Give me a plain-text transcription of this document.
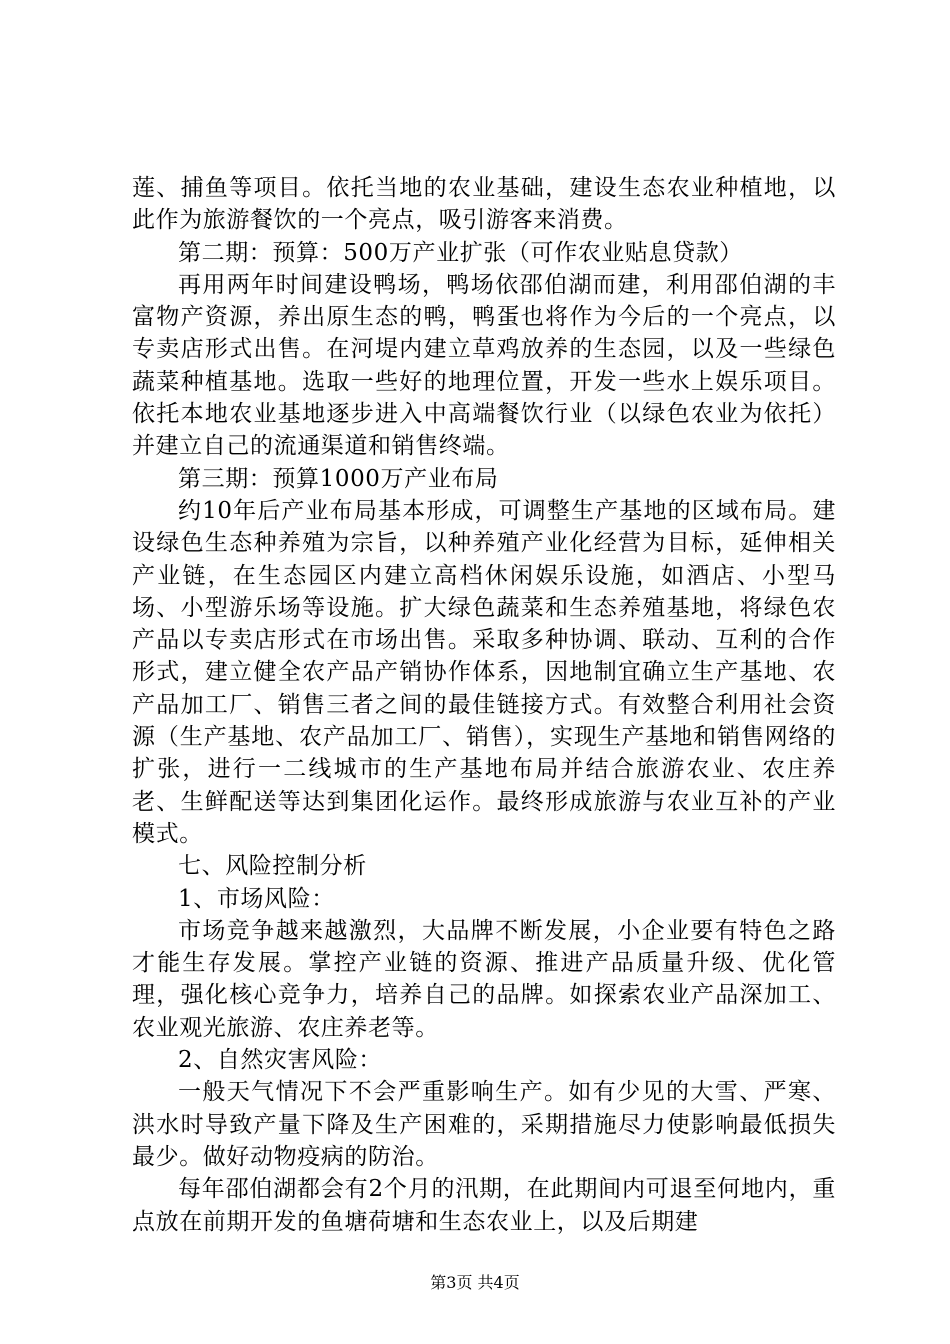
莲、捕鱼等项目。依托当地的农业基础，建设生态农业种植地，以此作为旅游餐饮的一个亮点，吸引游客来消费。

第二期：预算：500万产业扩张（可作农业贴息贷款）

再用两年时间建设鸭场，鸭场依邵伯湖而建，利用邵伯湖的丰富物产资源，养出原生态的鸭，鸭蛋也将作为今后的一个亮点，以专卖店形式出售。在河堤内建立草鸡放养的生态园，以及一些绿色蔬菜种植基地。选取一些好的地理位置，开发一些水上娱乐项目。依托本地农业基地逐步进入中高端餐饮行业（以绿色农业为依托）并建立自己的流通渠道和销售终端。

第三期：预算1000万产业布局

约10年后产业布局基本形成，可调整生产基地的区域布局。建设绿色生态种养殖为宗旨，以种养殖产业化经营为目标，延伸相关产业链，在生态园区内建立高档休闲娱乐设施，如酒店、小型马场、小型游乐场等设施。扩大绿色蔬菜和生态养殖基地，将绿色农产品以专卖店形式在市场出售。采取多种协调、联动、互利的合作形式，建立健全农产品产销协作体系，因地制宜确立生产基地、农产品加工厂、销售三者之间的最佳链接方式。有效整合利用社会资源（生产基地、农产品加工厂、销售），实现生产基地和销售网络的扩张，进行一二线城市的生产基地布局并结合旅游农业、农庄养老、生鲜配送等达到集团化运作。最终形成旅游与农业互补的产业模式。

七、风险控制分析

1、市场风险：

市场竞争越来越激烈，大品牌不断发展，小企业要有特色之路才能生存发展。掌控产业链的资源、推进产品质量升级、优化管理，强化核心竞争力，培养自己的品牌。如探索农业产品深加工、农业观光旅游、农庄养老等。

2、自然灾害风险：

一般天气情况下不会严重影响生产。如有少见的大雪、严寒、洪水时导致产量下降及生产困难的，采期措施尽力使影响最低损失最少。做好动物疫病的防治。

每年邵伯湖都会有2个月的汛期，在此期间内可退至何地内，重点放在前期开发的鱼塘荷塘和生态农业上，以及后期建

第3页 共4页
